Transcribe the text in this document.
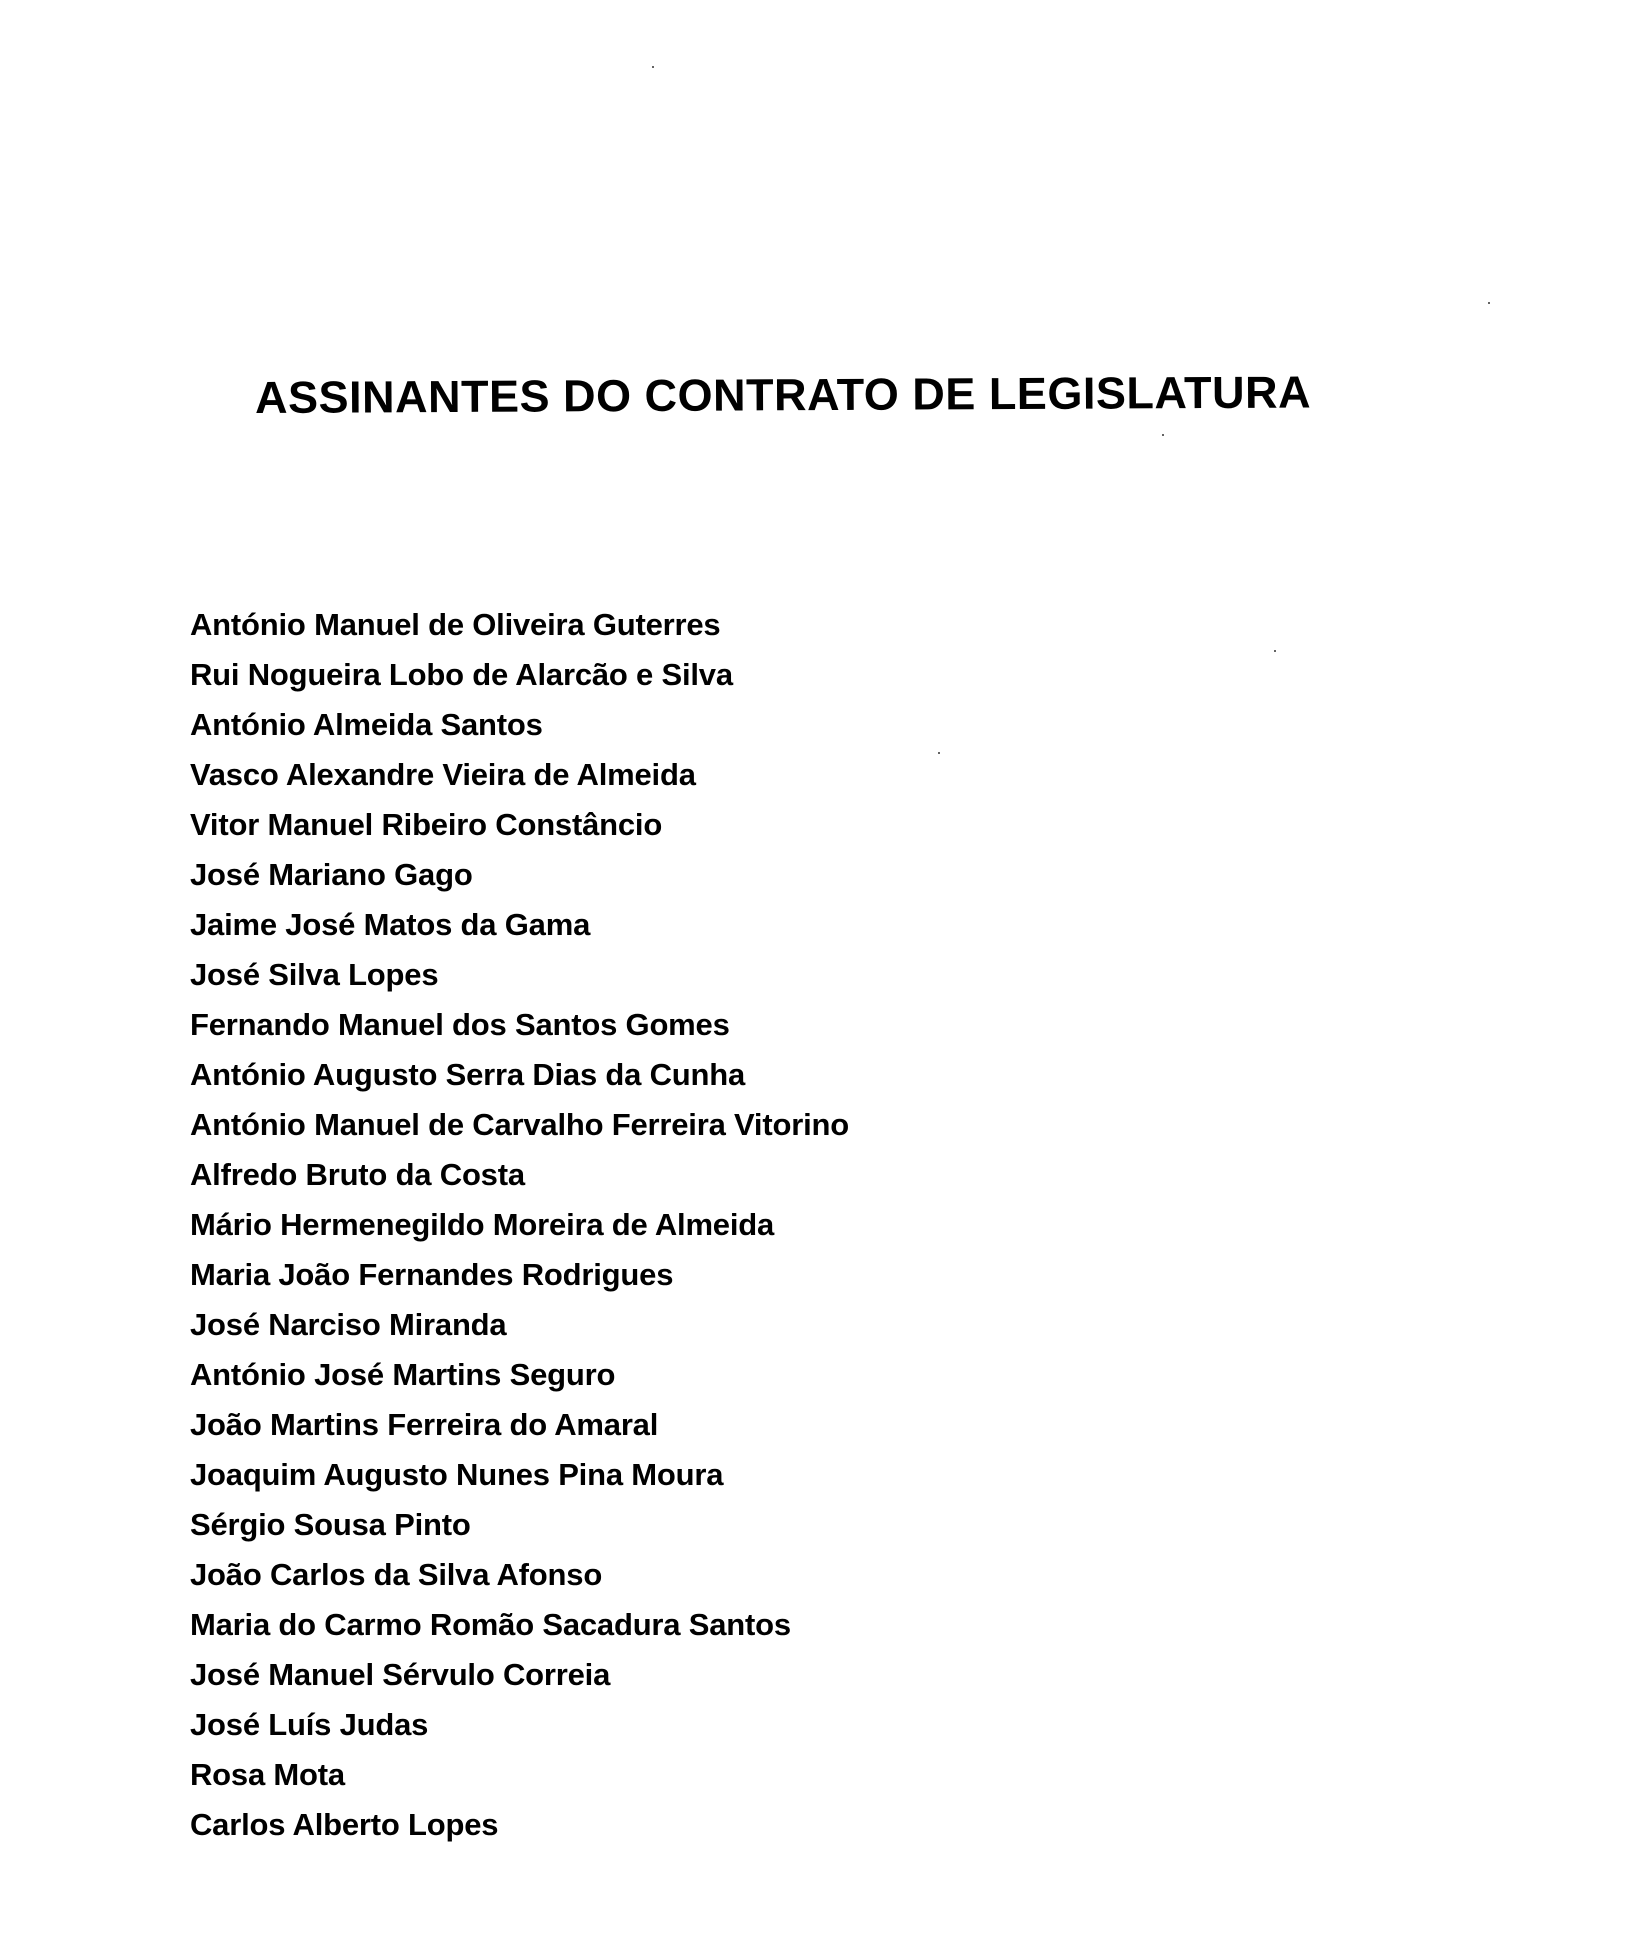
ASSINANTES DO CONTRATO DE LEGISLATURA
António Manuel de Oliveira Guterres
Rui Nogueira Lobo de Alarcão e Silva
António Almeida Santos
Vasco Alexandre Vieira de Almeida
Vitor Manuel Ribeiro Constâncio
José Mariano Gago
Jaime José Matos da Gama
José Silva Lopes
Fernando Manuel dos Santos Gomes
António Augusto Serra Dias da Cunha
António Manuel de Carvalho Ferreira Vitorino
Alfredo Bruto da Costa
Mário Hermenegildo Moreira de Almeida
Maria João Fernandes Rodrigues
José Narciso Miranda
António José Martins Seguro
João Martins Ferreira do Amaral
Joaquim Augusto Nunes Pina Moura
Sérgio Sousa Pinto
João Carlos da Silva Afonso
Maria do Carmo Romão Sacadura Santos
José Manuel Sérvulo Correia
José Luís Judas
Rosa Mota
Carlos Alberto Lopes
